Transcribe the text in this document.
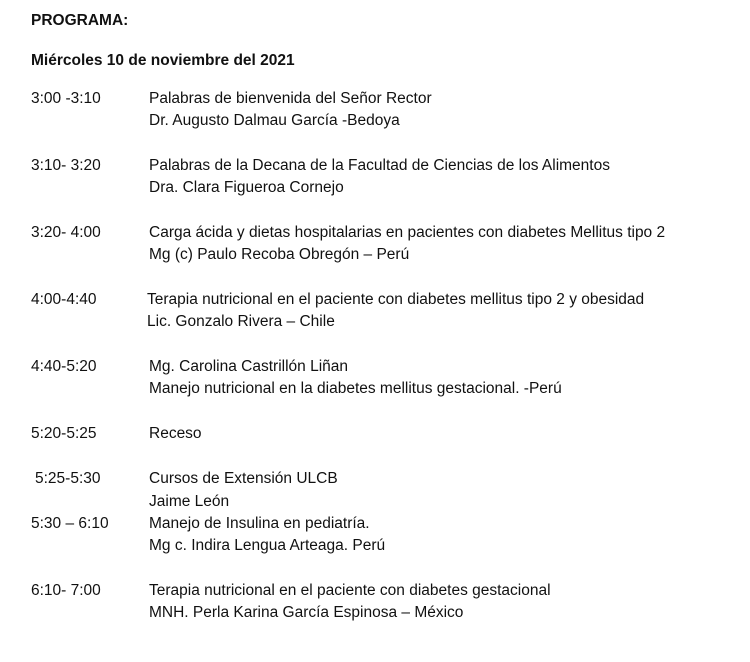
PROGRAMA:
Miércoles 10 de noviembre del 2021
3:00 -3:10	Palabras de bienvenida del Señor Rector
Dr. Augusto Dalmau García -Bedoya
3:10- 3:20	Palabras de la Decana de la Facultad de Ciencias de los Alimentos
Dra. Clara Figueroa Cornejo
3:20- 4:00	Carga ácida y dietas hospitalarias en pacientes con diabetes Mellitus tipo 2
Mg (c) Paulo Recoba Obregón – Perú
4:00-4:40	Terapia nutricional en el paciente con diabetes mellitus tipo 2 y obesidad
Lic. Gonzalo Rivera – Chile
4:40-5:20	Mg. Carolina Castrillón Liñan
Manejo nutricional en la diabetes mellitus gestacional. -Perú
5:20-5:25	Receso
5:25-5:30	Cursos de Extensión ULCB
Jaime León
5:30 – 6:10	Manejo de Insulina en pediatría.
Mg c. Indira Lengua Arteaga. Perú
6:10- 7:00	Terapia nutricional en el paciente con diabetes gestacional
MNH. Perla Karina García Espinosa – México
